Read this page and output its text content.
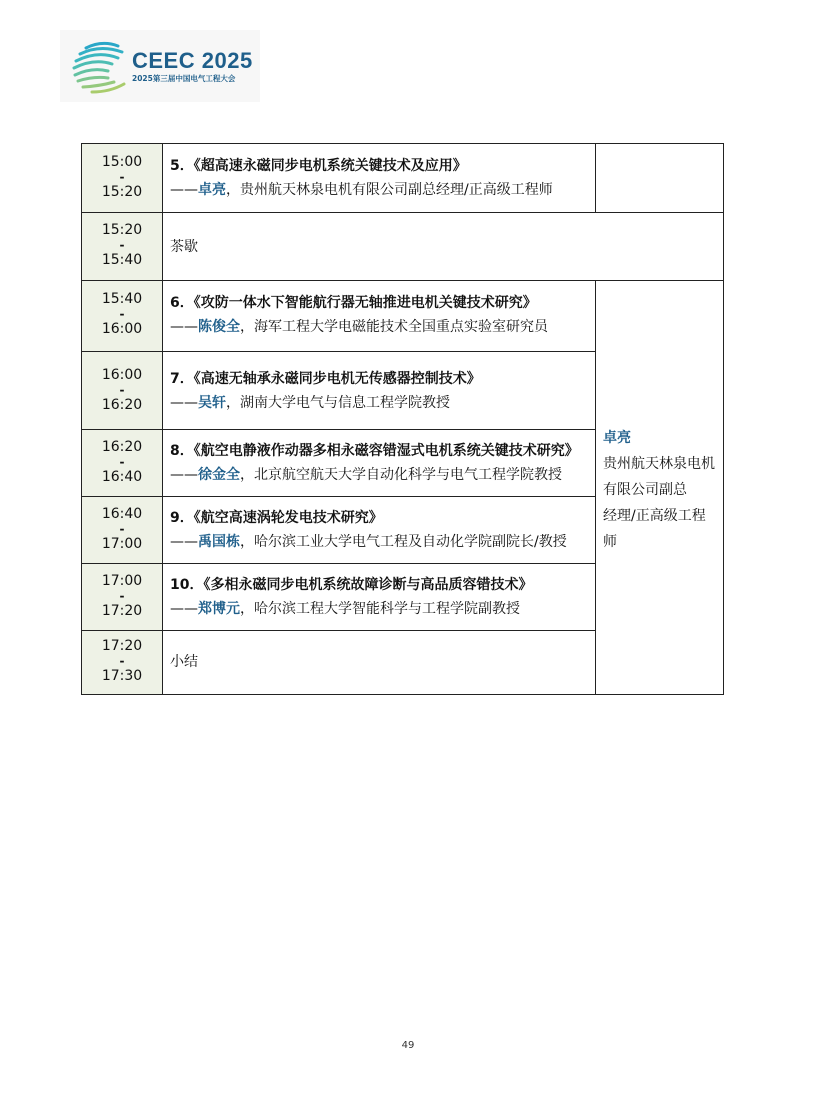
CEEC 2025
2025第三届中国电气工程大会
15:00
-
15:20
15:20
-
15:40
15:40
-
16:00
16:00
-
16:20
16:20
-
16:40
16:40
-
17:00
17:00
-
17:20
17:20
-
17:30
5．《超高速永磁同步电机系统关键技术及应用》
——卓亮，贵州航天林泉电机有限公司副总经理/正高级工程师
茶歇
6．《攻防一体水下智能航行器无轴推进电机关键技术研究》
——陈俊全，海军工程大学电磁能技术全国重点实验室研究员
7．《高速无轴承永磁同步电机无传感器控制技术》
——吴轩，湖南大学电气与信息工程学院教授
8．《航空电静液作动器多相永磁容错湿式电机系统关键技术研究》
——徐金全，北京航空航天大学自动化科学与电气工程学院教授
9．《航空高速涡轮发电技术研究》
——禹国栋，哈尔滨工业大学电气工程及自动化学院副院长/教授
10．《多相永磁同步电机系统故障诊断与高品质容错技术》
——郑博元，哈尔滨工程大学智能科学与工程学院副教授
小结
卓亮
贵州航天林泉电机
有限公司副总
经理/正高级工程
师
49
